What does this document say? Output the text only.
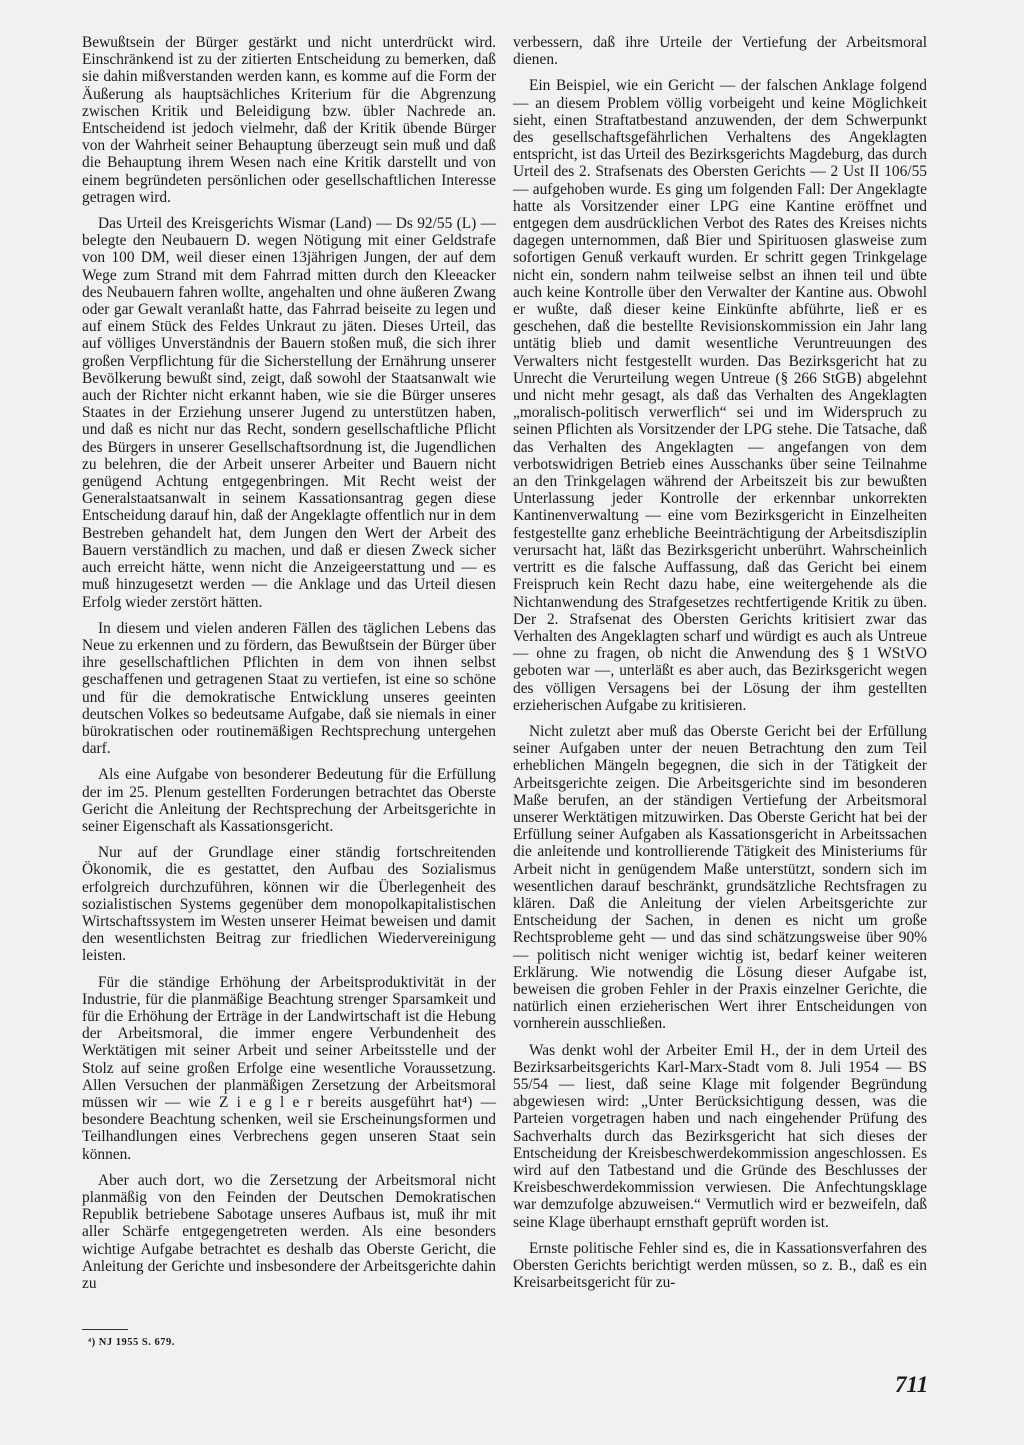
Bewußtsein der Bürger gestärkt und nicht unterdrückt wird. Einschränkend ist zu der zitierten Entscheidung zu bemerken, daß sie dahin mißverstanden werden kann, es komme auf die Form der Äußerung als hauptsächliches Kriterium für die Abgrenzung zwischen Kritik und Beleidigung bzw. übler Nachrede an. Entscheidend ist jedoch vielmehr, daß der Kritik übende Bürger von der Wahrheit seiner Behauptung überzeugt sein muß und daß die Behauptung ihrem Wesen nach eine Kritik darstellt und von einem begründeten persönlichen oder gesellschaftlichen Interesse getragen wird.

Das Urteil des Kreisgerichts Wismar (Land) — Ds 92/55 (L) — belegte den Neubauern D. wegen Nötigung mit einer Geldstrafe von 100 DM, weil dieser einen 13jährigen Jungen, der auf dem Wege zum Strand mit dem Fahrrad mitten durch den Kleeacker des Neubauern fahren wollte, angehalten und ohne äußeren Zwang oder gar Gewalt veranlaßt hatte, das Fahrrad beiseite zu legen und auf einem Stück des Feldes Unkraut zu jäten. Dieses Urteil, das auf völliges Unverständnis der Bauern stoßen muß, die sich ihrer großen Verpflichtung für die Sicherstellung der Ernährung unserer Bevölkerung bewußt sind, zeigt, daß sowohl der Staatsanwalt wie auch der Richter nicht erkannt haben, wie sie die Bürger unseres Staates in der Erziehung unserer Jugend zu unterstützen haben, und daß es nicht nur das Recht, sondern gesellschaftliche Pflicht des Bürgers in unserer Gesellschaftsordnung ist, die Jugendlichen zu belehren, die der Arbeit unserer Arbeiter und Bauern nicht genügend Achtung entgegenbringen. Mit Recht weist der Generalstaatsanwalt in seinem Kassationsantrag gegen diese Entscheidung darauf hin, daß der Angeklagte offentlich nur in dem Bestreben gehandelt hat, dem Jungen den Wert der Arbeit des Bauern verständlich zu machen, und daß er diesen Zweck sicher auch erreicht hätte, wenn nicht die Anzeigeerstattung und — es muß hinzugesetzt werden — die Anklage und das Urteil diesen Erfolg wieder zerstört hätten.

In diesem und vielen anderen Fällen des täglichen Lebens das Neue zu erkennen und zu fördern, das Bewußtsein der Bürger über ihre gesellschaftlichen Pflichten in dem von ihnen selbst geschaffenen und getragenen Staat zu vertiefen, ist eine so schöne und für die demokratische Entwicklung unseres geeinten deutschen Volkes so bedeutsame Aufgabe, daß sie niemals in einer bürokratischen oder routinemäßigen Rechtsprechung untergehen darf.

Als eine Aufgabe von besonderer Bedeutung für die Erfüllung der im 25. Plenum gestellten Forderungen betrachtet das Oberste Gericht die Anleitung der Rechtsprechung der Arbeitsgerichte in seiner Eigenschaft als Kassationsgericht.

Nur auf der Grundlage einer ständig fortschreitenden Ökonomik, die es gestattet, den Aufbau des Sozialismus erfolgreich durchzuführen, können wir die Überlegenheit des sozialistischen Systems gegenüber dem monopolkapitalistischen Wirtschaftssystem im Westen unserer Heimat beweisen und damit den wesentlichsten Beitrag zur friedlichen Wiedervereinigung leisten.

Für die ständige Erhöhung der Arbeitsproduktivität in der Industrie, für die planmäßige Beachtung strenger Sparsamkeit und für die Erhöhung der Erträge in der Landwirtschaft ist die Hebung der Arbeitsmoral, die immer engere Verbundenheit des Werktätigen mit seiner Arbeit und seiner Arbeitsstelle und der Stolz auf seine großen Erfolge eine wesentliche Voraussetzung. Allen Versuchen der planmäßigen Zersetzung der Arbeitsmoral müssen wir — wie Z i e g l e r bereits ausgeführt hat⁴) — besondere Beachtung schenken, weil sie Erscheinungsformen und Teilhandlungen eines Verbrechens gegen unseren Staat sein können.

Aber auch dort, wo die Zersetzung der Arbeitsmoral nicht planmäßig von den Feinden der Deutschen Demokratischen Republik betriebene Sabotage unseres Aufbaus ist, muß ihr mit aller Schärfe entgegengetreten werden. Als eine besonders wichtige Aufgabe betrachtet es deshalb das Oberste Gericht, die Anleitung der Gerichte und insbesondere der Arbeitsgerichte dahin zu

verbessern, daß ihre Urteile der Vertiefung der Arbeitsmoral dienen.

Ein Beispiel, wie ein Gericht — der falschen Anklage folgend — an diesem Problem völlig vorbeigeht und keine Möglichkeit sieht, einen Straftatbestand anzuwenden, der dem Schwerpunkt des gesellschaftsgefährlichen Verhaltens des Angeklagten entspricht, ist das Urteil des Bezirksgerichts Magdeburg, das durch Urteil des 2. Strafsenats des Obersten Gerichts — 2 Ust II 106/55 — aufgehoben wurde. Es ging um folgenden Fall: Der Angeklagte hatte als Vorsitzender einer LPG eine Kantine eröffnet und entgegen dem ausdrücklichen Verbot des Rates des Kreises nichts dagegen unternommen, daß Bier und Spirituosen glasweise zum sofortigen Genuß verkauft wurden. Er schritt gegen Trinkgelage nicht ein, sondern nahm teilweise selbst an ihnen teil und übte auch keine Kontrolle über den Verwalter der Kantine aus. Obwohl er wußte, daß dieser keine Einkünfte abführte, ließ er es geschehen, daß die bestellte Revisionskommission ein Jahr lang untätig blieb und damit wesentliche Veruntreuungen des Verwalters nicht festgestellt wurden. Das Bezirksgericht hat zu Unrecht die Verurteilung wegen Untreue (§ 266 StGB) abgelehnt und nicht mehr gesagt, als daß das Verhalten des Angeklagten „moralisch-politisch verwerflich“ sei und im Widerspruch zu seinen Pflichten als Vorsitzender der LPG stehe. Die Tatsache, daß das Verhalten des Angeklagten — angefangen von dem verbotswidrigen Betrieb eines Ausschanks über seine Teilnahme an den Trinkgelagen während der Arbeitszeit bis zur bewußten Unterlassung jeder Kontrolle der erkennbar unkorrekten Kantinenverwaltung — eine vom Bezirksgericht in Einzelheiten festgestellte ganz erhebliche Beeinträchtigung der Arbeitsdisziplin verursacht hat, läßt das Bezirksgericht unberührt. Wahrscheinlich vertritt es die falsche Auffassung, daß das Gericht bei einem Freispruch kein Recht dazu habe, eine weitergehende als die Nichtanwendung des Strafgesetzes rechtfertigende Kritik zu üben. Der 2. Strafsenat des Obersten Gerichts kritisiert zwar das Verhalten des Angeklagten scharf und würdigt es auch als Untreue — ohne zu fragen, ob nicht die Anwendung des § 1 WStVO geboten war —, unterläßt es aber auch, das Bezirksgericht wegen des völligen Versagens bei der Lösung der ihm gestellten erzieherischen Aufgabe zu kritisieren.

Nicht zuletzt aber muß das Oberste Gericht bei der Erfüllung seiner Aufgaben unter der neuen Betrachtung den zum Teil erheblichen Mängeln begegnen, die sich in der Tätigkeit der Arbeitsgerichte zeigen. Die Arbeitsgerichte sind im besonderen Maße berufen, an der ständigen Vertiefung der Arbeitsmoral unserer Werktätigen mitzuwirken. Das Oberste Gericht hat bei der Erfüllung seiner Aufgaben als Kassationsgericht in Arbeitssachen die anleitende und kontrollierende Tätigkeit des Ministeriums für Arbeit nicht in genügendem Maße unterstützt, sondern sich im wesentlichen darauf beschränkt, grundsätzliche Rechtsfragen zu klären. Daß die Anleitung der vielen Arbeitsgerichte zur Entscheidung der Sachen, in denen es nicht um große Rechtsprobleme geht — und das sind schätzungsweise über 90% — politisch nicht weniger wichtig ist, bedarf keiner weiteren Erklärung. Wie notwendig die Lösung dieser Aufgabe ist, beweisen die groben Fehler in der Praxis einzelner Gerichte, die natürlich einen erzieherischen Wert ihrer Entscheidungen von vornherein ausschließen.

Was denkt wohl der Arbeiter Emil H., der in dem Urteil des Bezirksarbeitsgerichts Karl-Marx-Stadt vom 8. Juli 1954 — BS 55/54 — liest, daß seine Klage mit folgender Begründung abgewiesen wird: „Unter Berücksichtigung dessen, was die Parteien vorgetragen haben und nach eingehender Prüfung des Sachverhalts durch das Bezirksgericht hat sich dieses der Entscheidung der Kreisbeschwerdekommission angeschlossen. Es wird auf den Tatbestand und die Gründe des Beschlusses der Kreisbeschwerdekommission verwiesen. Die Anfechtungsklage war demzufolge abzuweisen.“ Vermutlich wird er bezweifeln, daß seine Klage überhaupt ernsthaft geprüft worden ist.

Ernste politische Fehler sind es, die in Kassationsverfahren des Obersten Gerichts berichtigt werden müssen, so z. B., daß es ein Kreisarbeitsgericht für zu-

⁴) NJ 1955 S. 679.
711
